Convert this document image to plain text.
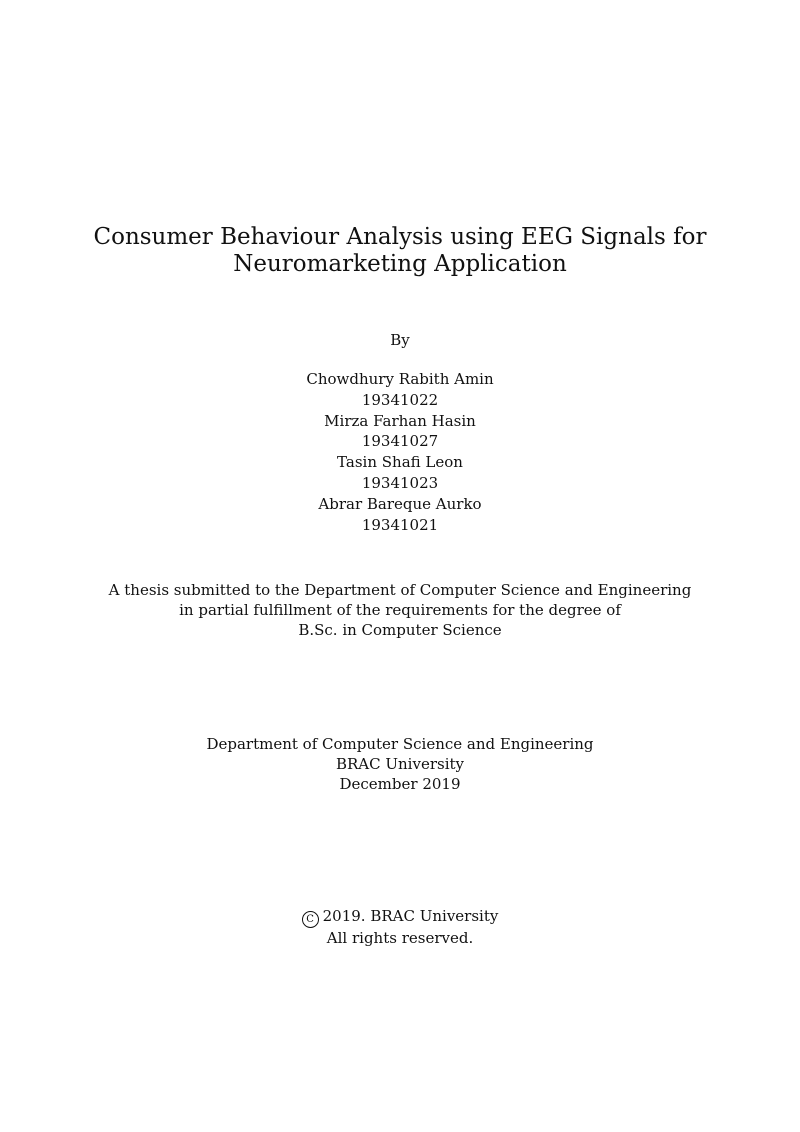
Consumer Behaviour Analysis using EEG Signals for
Neuromarketing Application
By
Chowdhury Rabith Amin
19341022
Mirza Farhan Hasin
19341027
Tasin Shafi Leon
19341023
Abrar Bareque Aurko
19341021
A thesis submitted to the Department of Computer Science and Engineering
in partial fulfillment of the requirements for the degree of
B.Sc. in Computer Science
Department of Computer Science and Engineering
BRAC University
December 2019
C 2019. BRAC University
All rights reserved.
